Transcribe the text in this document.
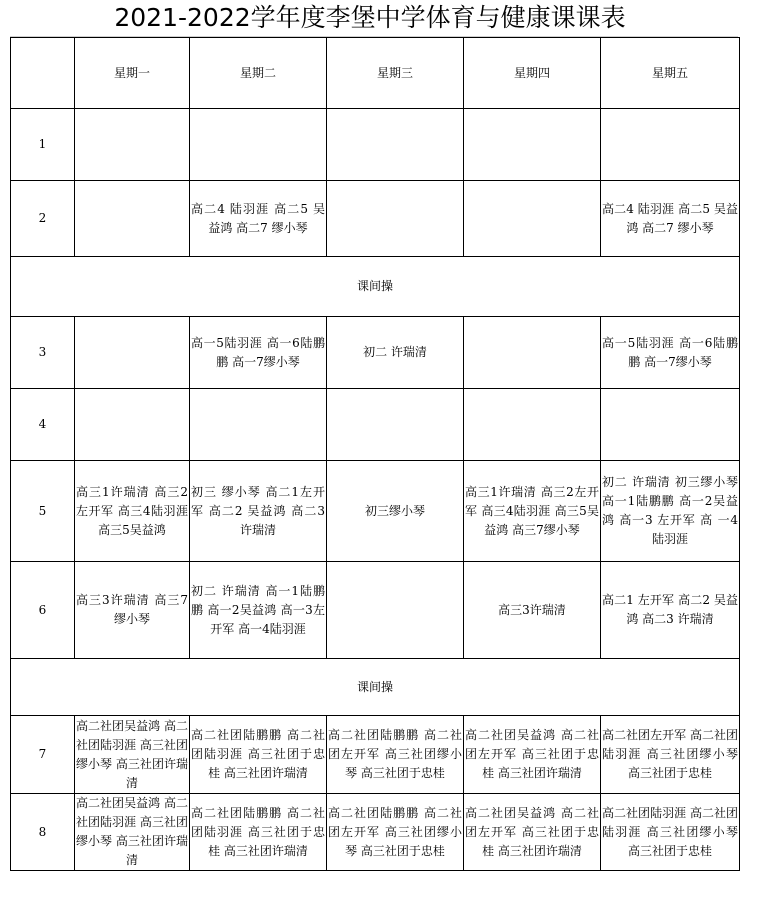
2021-2022学年度李堡中学体育与健康课课表
	星期一	星期二	星期三	星期四	星期五
1	

2		高二4 陆羽涯 高二5 吴益鸿 高二7 缪小琴			高二4 陆羽涯 高二5 吴益鸿 高二7 缪小琴

课间操					
3		高一5陆羽涯 高一6陆鹏鹏 高一7缪小琴	初二 许瑞清		高一5陆羽涯 高一6陆鹏鹏 高一7缪小琴

4	

5	高三1许瑞清 高三2左开军 高三4陆羽涯 高三5吴益鸿	初三 缪小琴 高二1左开军 高二2 吴益鸿 高二3 许瑞清	初三缪小琴	高三1许瑞清 高三2左开军 高三4陆羽涯 高三5吴益鸿 高三7缪小琴	初二 许瑞清 初三缪小琴 高一1陆鹏鹏 高一2吴益鸿 高一3 左开军 高 一4陆羽涯

6	高三3许瑞清 高三7缪小琴	初二 许瑞清 高一1陆鹏鹏 高一2吴益鸿 高一3左开军 高一4陆羽涯		高三3许瑞清	高二1 左开军 高二2 吴益鸿 高二3 许瑞清

课间操					
7	高二社团吴益鸿 高二社团陆羽涯 高三社团缪小琴 高三社团许瑞清	高二社团陆鹏鹏 高二社团陆羽涯 高三社团于忠桂 高三社团许瑞清	高二社团陆鹏鹏 高二社团左开军 高三社团缪小琴 高三社团于忠桂	高二社团吴益鸿 高二社团左开军 高三社团于忠桂 高三社团许瑞清	高二社团左开军 高二社团陆羽涯 高三社团缪小琴 高三社团于忠桂

8	高二社团吴益鸿 高二社团陆羽涯 高三社团缪小琴 高三社团许瑞清	高二社团陆鹏鹏 高二社团陆羽涯 高三社团于忠桂 高三社团许瑞清	高二社团陆鹏鹏 高二社团左开军 高三社团缪小琴 高三社团于忠桂	高二社团吴益鸿 高二社团左开军 高三社团于忠桂 高三社团许瑞清	高二社团陆羽涯 高二社团陆羽涯 高三社团缪小琴 高三社团于忠桂
